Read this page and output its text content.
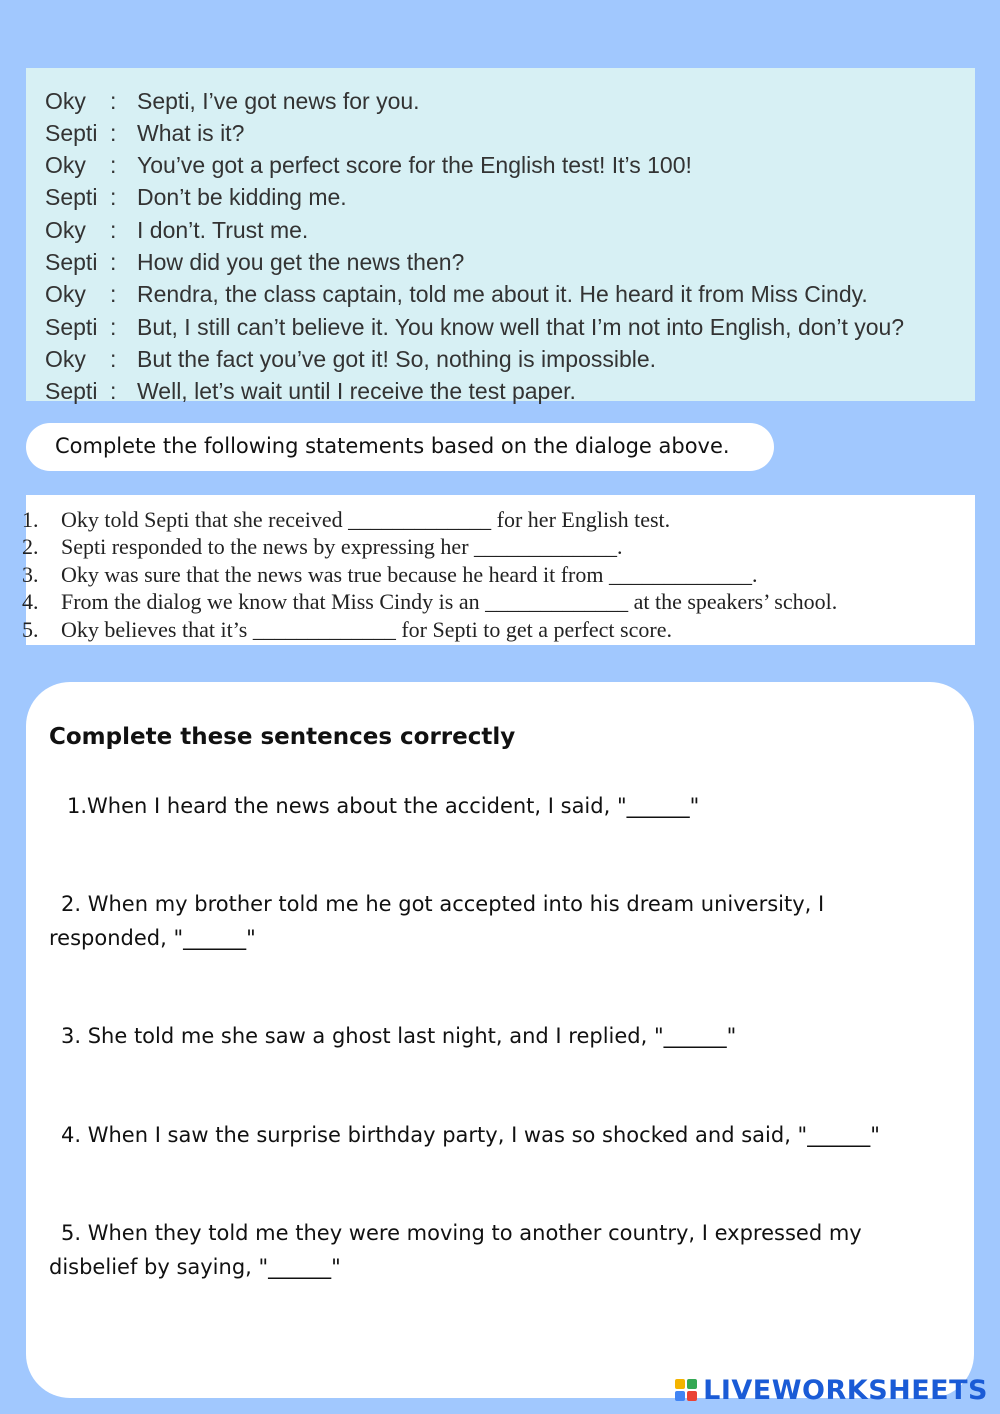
Oky : Septi, I’ve got news for you.
Septi : What is it?
Oky : You’ve got a perfect score for the English test! It’s 100!
Septi : Don’t be kidding me.
Oky : I don’t. Trust me.
Septi : How did you get the news then?
Oky : Rendra, the class captain, told me about it. He heard it from Miss Cindy.
Septi : But, I still can’t believe it. You know well that I’m not into English, don’t you?
Oky : But the fact you’ve got it! So, nothing is impossible.
Septi : Well, let’s wait until I receive the test paper.
Complete the following statements based on the dialoge above.
1. Oky told Septi that she received _____________ for her English test.
2. Septi responded to the news by expressing her _____________.
3. Oky was sure that the news was true because he heard it from _____________.
4. From the dialog we know that Miss Cindy is an _____________ at the speakers’ school.
5. Oky believes that it’s _____________ for Septi to get a perfect score.
Complete these sentences correctly
1.When I heard the news about the accident, I said, "______"
2. When my brother told me he got accepted into his dream university, I responded, "______"
3. She told me she saw a ghost last night, and I replied, "______"
4. When I saw the surprise birthday party, I was so shocked and said, "______"
5. When they told me they were moving to another country, I expressed my disbelief by saying, "______"
LIVEWORKSHEETS
